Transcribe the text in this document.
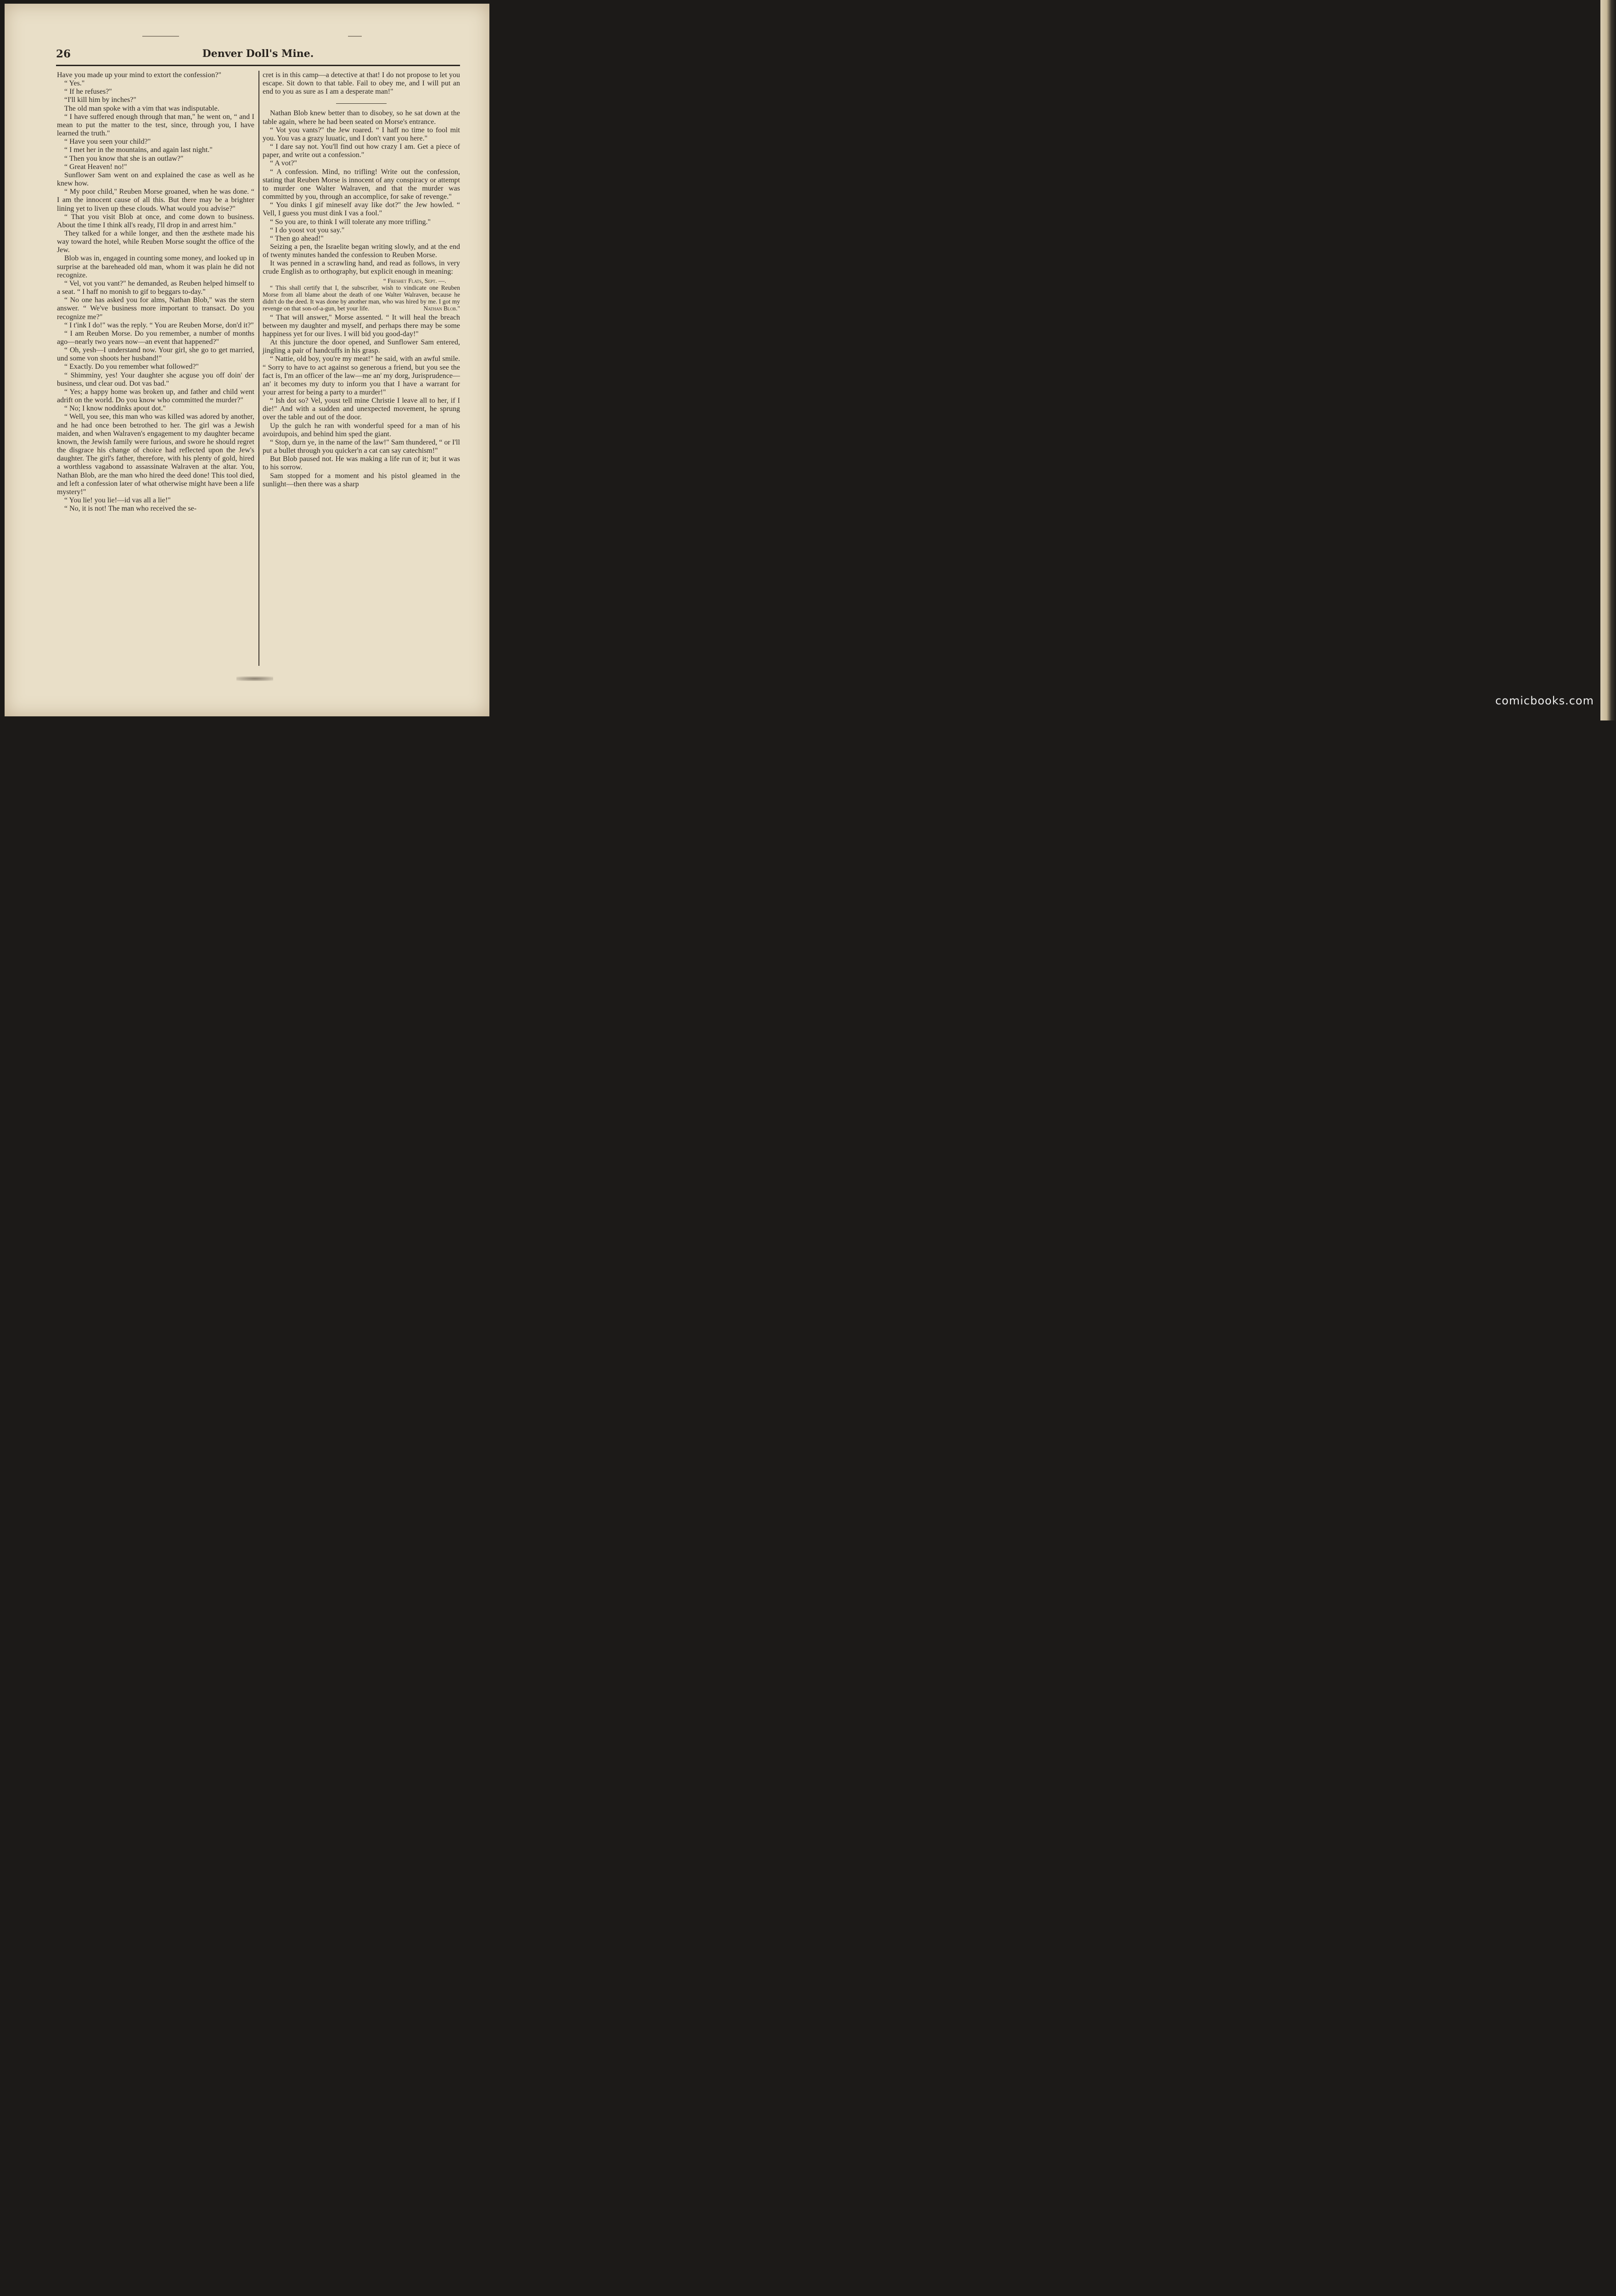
26	Denver Doll's Mine.

Have you made up your mind to extort the confession?"

“ Yes."

“ If he refuses?"

“I'll kill him by inches?"

The old man spoke with a vim that was indisputable.

“ I have suffered enough through that man," he went on, “ and I mean to put the matter to the test, since, through you, I have learned the truth."

“ Have you seen your child?"

“ I met her in the mountains, and again last night."

“ Then you know that she is an outlaw?"

“ Great Heaven! no!"

Sunflower Sam went on and explained the case as well as he knew how.

“ My poor child," Reuben Morse groaned, when he was done. “ I am the innocent cause of all this. But there may be a brighter lining yet to liven up these clouds. What would you advise?"

“ That you visit Blob at once, and come down to business. About the time I think all's ready, I'll drop in and arrest him."

They talked for a while longer, and then the æsthete made his way toward the hotel, while Reuben Morse sought the office of the Jew.

Blob was in, engaged in counting some money, and looked up in surprise at the bareheaded old man, whom it was plain he did not recognize.

“ Vel, vot you vant?" he demanded, as Reuben helped himself to a seat. “ I haff no monish to gif to beggars to-day."

“ No one has asked you for alms, Nathan Blob," was the stern answer. “ We've business more important to transact. Do you recognize me?"

“ I t'ink I do!" was the reply. “ You are Reuben Morse, don'd it?"

“ I am Reuben Morse. Do you remember, a number of months ago—nearly two years now—an event that happened?"

“ Oh, yesh—I understand now. Your girl, she go to get married, und some von shoots her husband!"

“ Exactly. Do you remember what followed?"

“ Shimminy, yes! Your daughter she acguse you off doin' der business, und clear oud. Dot vas bad."

“ Yes; a happy home was broken up, and father and child went adrift on the world. Do you know who committed the murder?"

“ No; I know noddinks apout dot."

“ Well, you see, this man who was killed was adored by another, and he had once been betrothed to her. The girl was a Jewish maiden, and when Walraven's engagement to my daughter became known, the Jewish family were furious, and swore he should regret the disgrace his change of choice had reflected upon the Jew's daughter. The girl's father, therefore, with his plenty of gold, hired a worthless vagabond to assassinate Walraven at the altar. You, Nathan Blob, are the man who hired the deed done! This tool died, and left a confession later of what otherwise might have been a life mystery!"

“ You lie! you lie!—id vas all a lie!"

“ No, it is not! The man who received the se-

cret is in this camp—a detective at that! I do not propose to let you escape. Sit down to that table. Fail to obey me, and I will put an end to you as sure as I am a desperate man!"

Nathan Blob knew better than to disobey, so he sat down at the table again, where he had been seated on Morse's entrance.

“ Vot you vants?" the Jew roared. “ I haff no time to fool mit you. You vas a grazy luuatic, und I don't vant you here."

“ I dare say not. You'll find out how crazy I am. Get a piece of paper, and write out a confession."

“ A vot?"

“ A confession. Mind, no trifling! Write out the confession, stating that Reuben Morse is innocent of any conspiracy or attempt to murder one Walter Walraven, and that the murder was committed by you, through an accomplice, for sake of revenge."

“ You dinks I gif mineself avay like dot?" the Jew howled. “ Vell, I guess you must dink I vas a fool."

“ So you are, to think I will tolerate any more trifling."

“ I do yoost vot you say."

“ Then go ahead!"

Seizing a pen, the Israelite began writing slowly, and at the end of twenty minutes handed the confession to Reuben Morse.

It was penned in a scrawling hand, and read as follows, in very crude English as to orthography, but explicit enough in meaning:

“ Freshet Flats, Sept. —.
“ This shall certify that I, the subscriber, wish to vindicate one Reuben Morse from all blame about the death of one Walter Walraven, because he didn't do the deed. It was done by another man, who was hired by me. I got my revenge on that son-of-a-gun, bet your life.	Nathan Blob."

“ That will answer," Morse assented. “ It will heal the breach between my daughter and myself, and perhaps there may be some happiness yet for our lives. I will bid you good-day!"

At this juncture the door opened, and Sunflower Sam entered, jingling a pair of handcuffs in his grasp.

“ Nattie, old boy, you're my meat!" he said, with an awful smile. “ Sorry to have to act against so generous a friend, but you see the fact is, I'm an officer of the law—me an' my dorg, Jurisprudence—an' it becomes my duty to inform you that I have a warrant for your arrest for being a party to a murder!"

“ Ish dot so? Vel, youst tell mine Christie I leave all to her, if I die!" And with a sudden and unexpected movement, he sprung over the table and out of the door.

Up the gulch he ran with wonderful speed for a man of his avoirdupois, and behind him sped the giant.

“ Stop, durn ye, in the name of the law!" Sam thundered, “ or I'll put a bullet through you quicker'n a cat can say catechism!"

But Blob paused not. He was making a life run of it; but it was to his sorrow.

Sam stopped for a moment and his pistol gleamed in the sunlight—then there was a sharp

comicbooks.com
